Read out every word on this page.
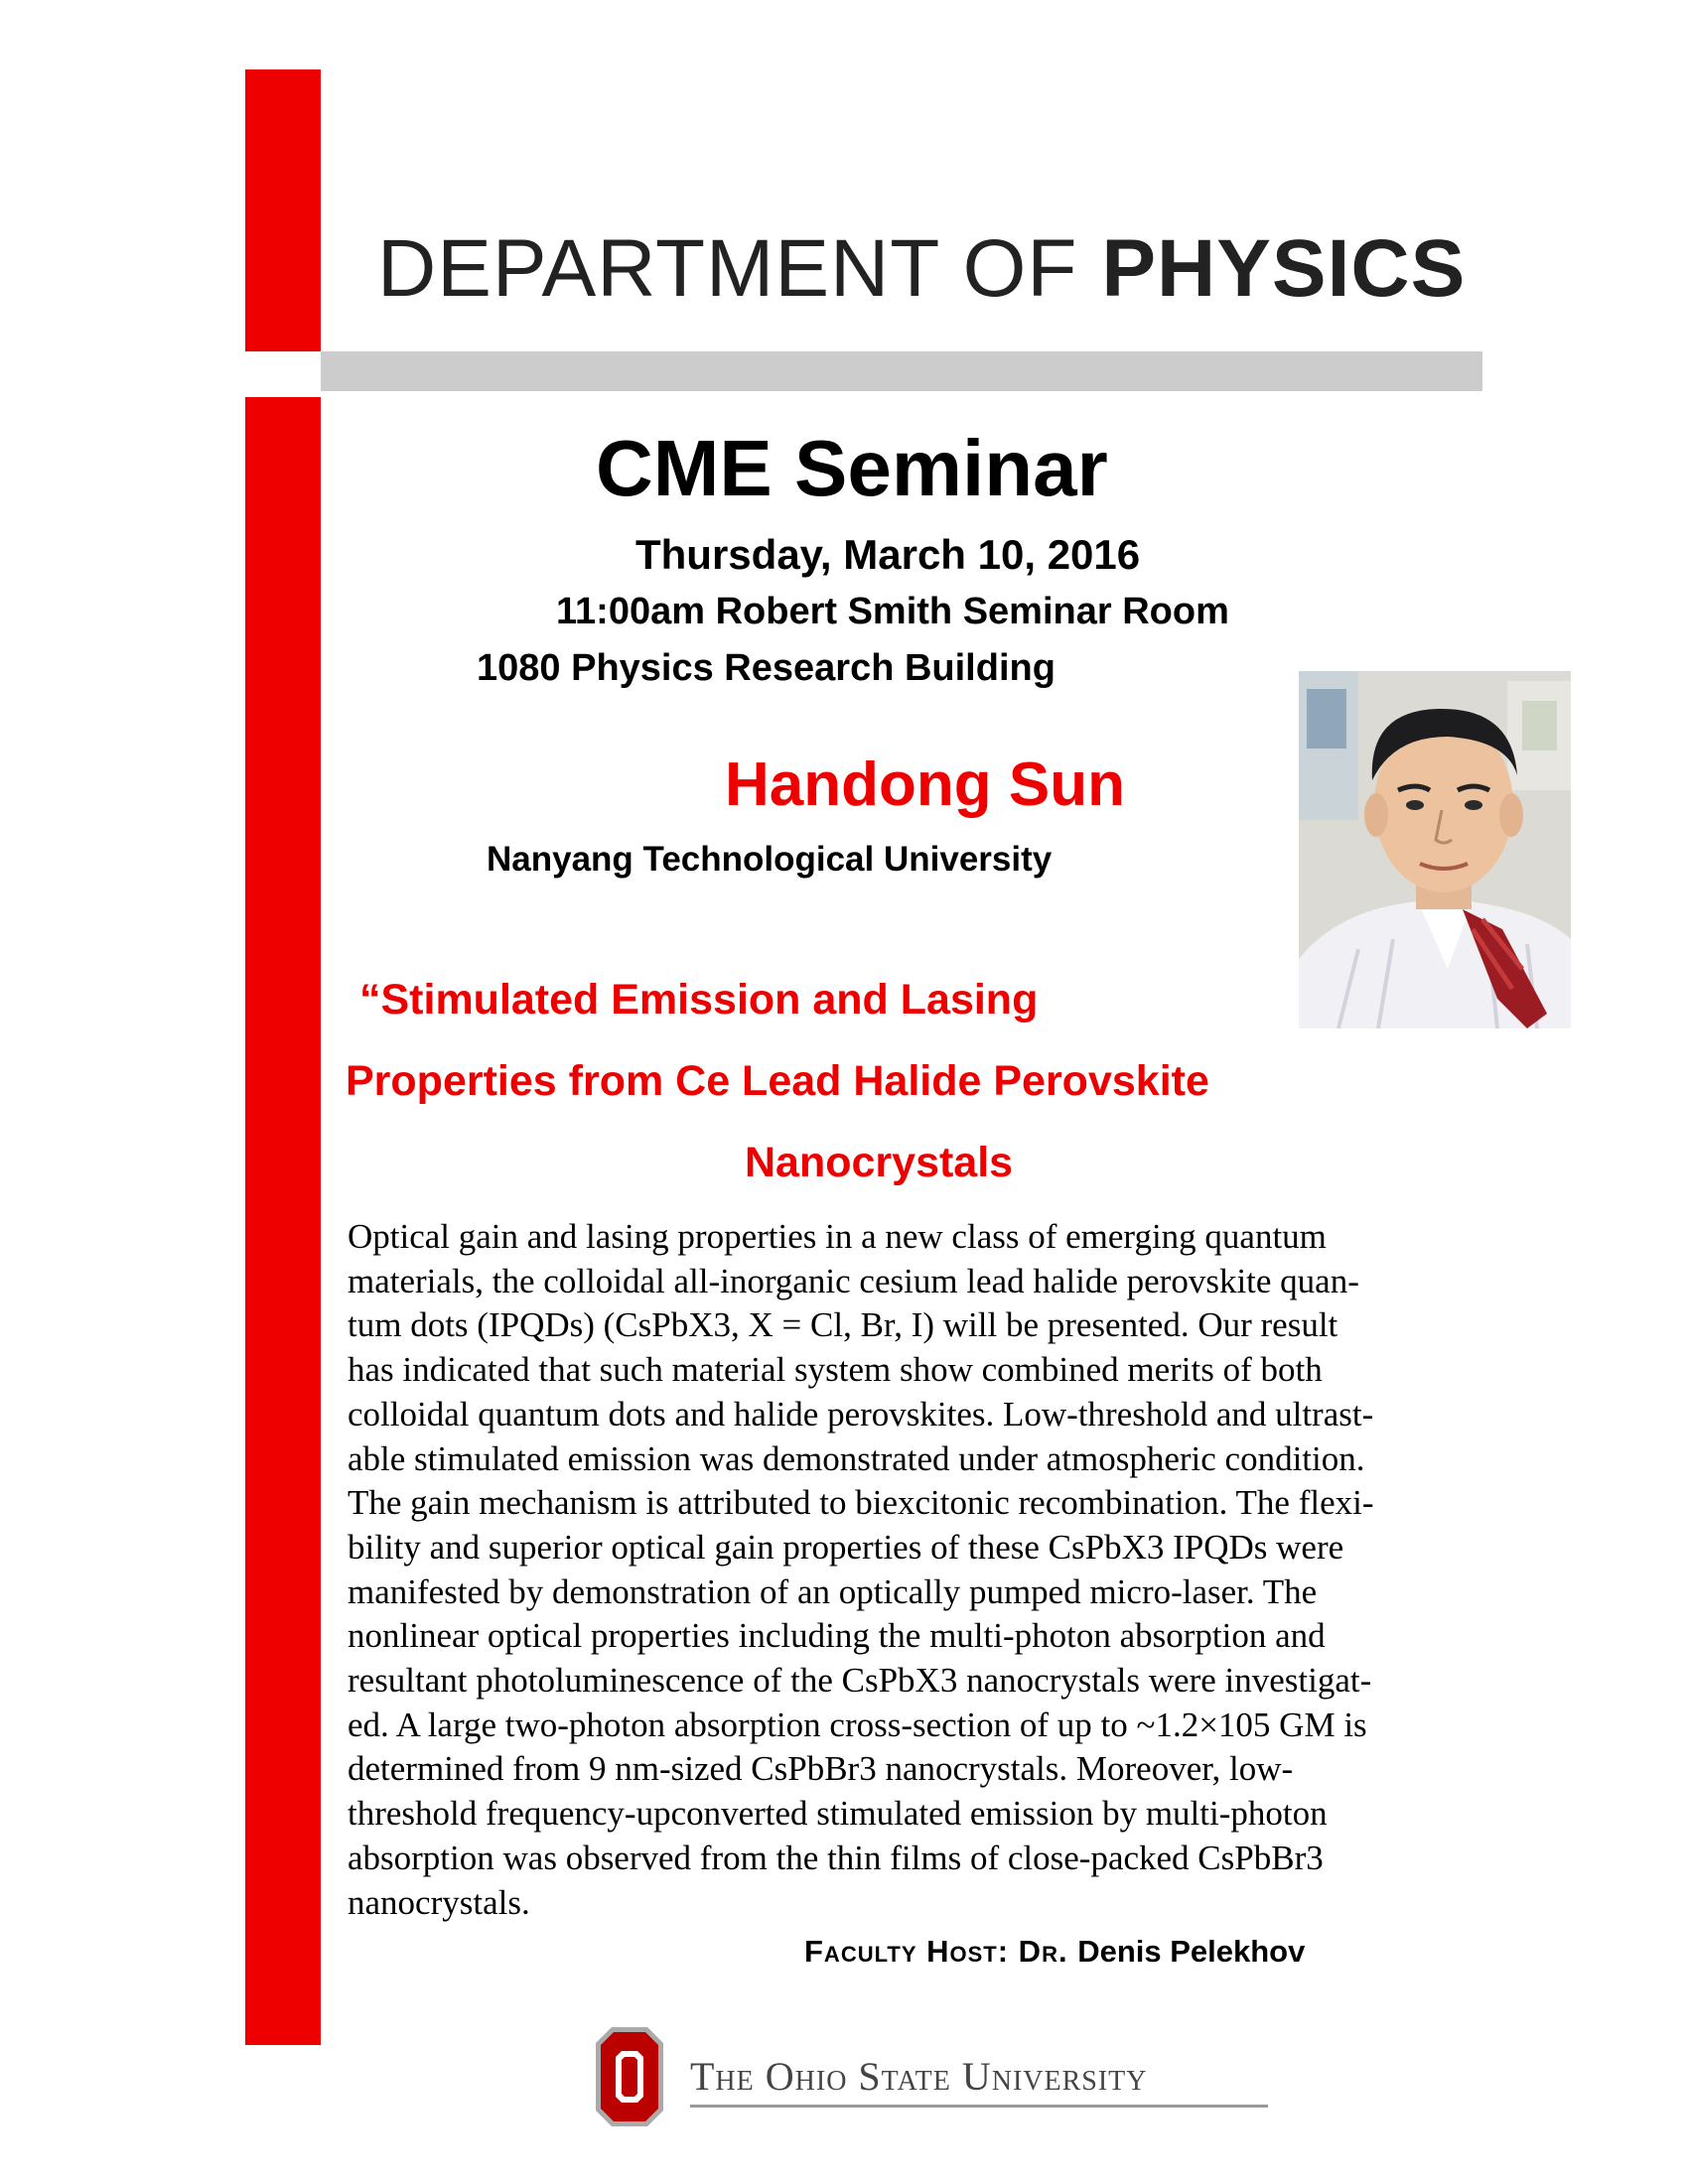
DEPARTMENT OF PHYSICS
CME Seminar
Thursday, March 10, 2016
11:00am Robert Smith Seminar Room
1080 Physics Research Building
Handong Sun
Nanyang Technological University
“Stimulated Emission and Lasing
Properties from Ce Lead Halide Perovskite
Nanocrystals
Optical gain and lasing properties in a new class of emerging quantum
materials, the colloidal all-inorganic cesium lead halide perovskite quan-
tum dots (IPQDs) (CsPbX3, X = Cl, Br, I) will be presented. Our result
has indicated that such material system show combined merits of both
colloidal quantum dots and halide perovskites. Low-threshold and ultrast-
able stimulated emission was demonstrated under atmospheric condition.
The gain mechanism is attributed to biexcitonic recombination. The flexi-
bility and superior optical gain properties of these CsPbX3 IPQDs were
manifested by demonstration of an optically pumped micro-laser. The
nonlinear optical properties including the multi-photon absorption and
resultant photoluminescence of the CsPbX3 nanocrystals were investigat-
ed. A large two-photon absorption cross-section of up to ~1.2×105 GM is
determined from 9 nm-sized CsPbBr3 nanocrystals. Moreover, low-
threshold frequency-upconverted stimulated emission by multi-photon
absorption was observed from the thin films of close-packed CsPbBr3
nanocrystals.
Faculty Host: Dr. Denis Pelekhov
The Ohio State University
